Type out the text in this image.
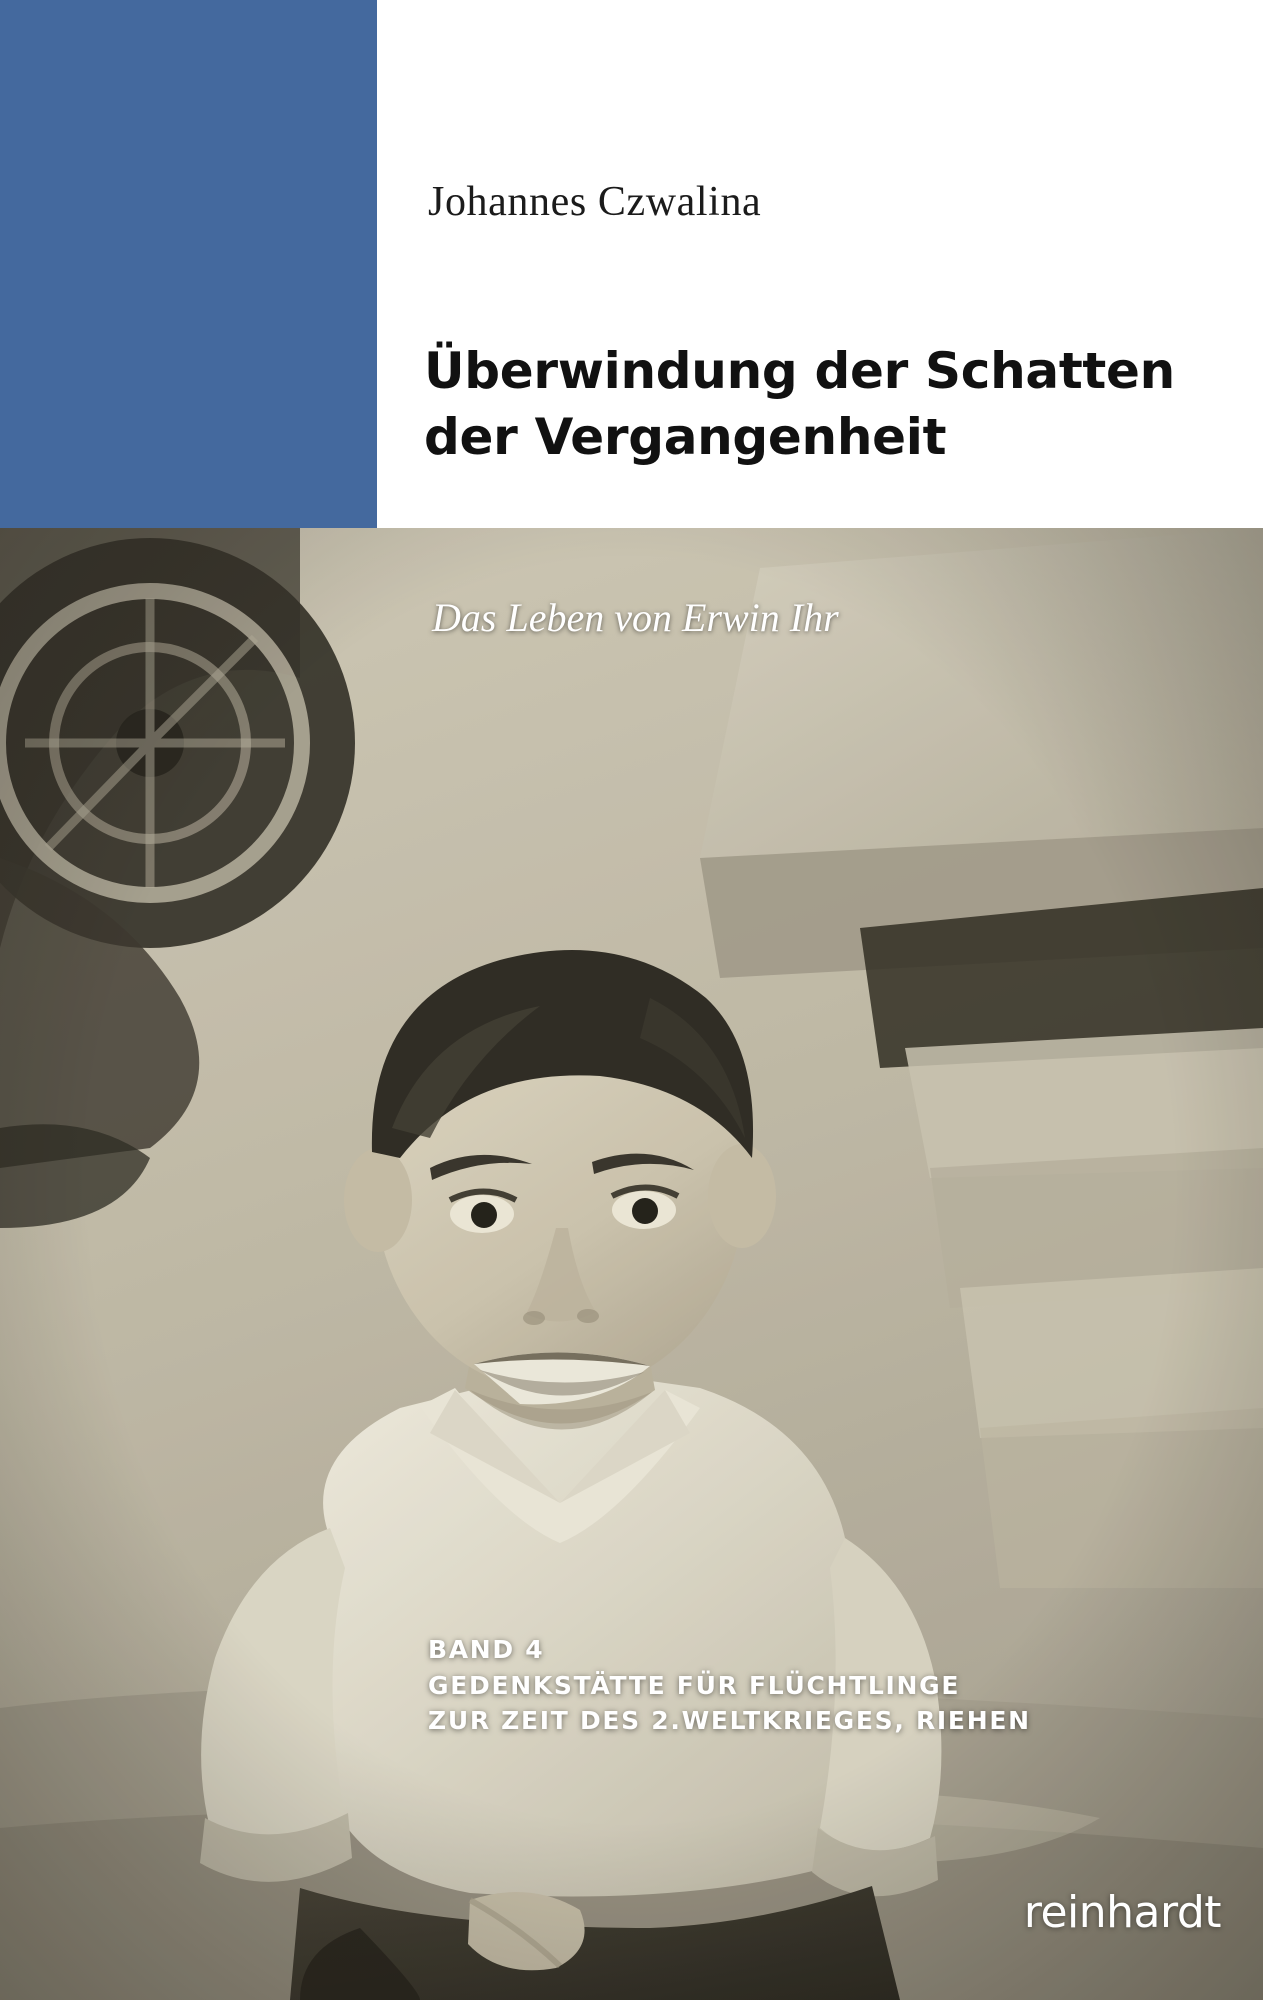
Johannes Czwalina
Überwindung der Schatten
der Vergangenheit
Das Leben von Erwin Ihr
BAND 4
GEDENKSTÄTTE FÜR FLÜCHTLINGE
ZUR ZEIT DES 2.WELTKRIEGES, RIEHEN
reinhardt
